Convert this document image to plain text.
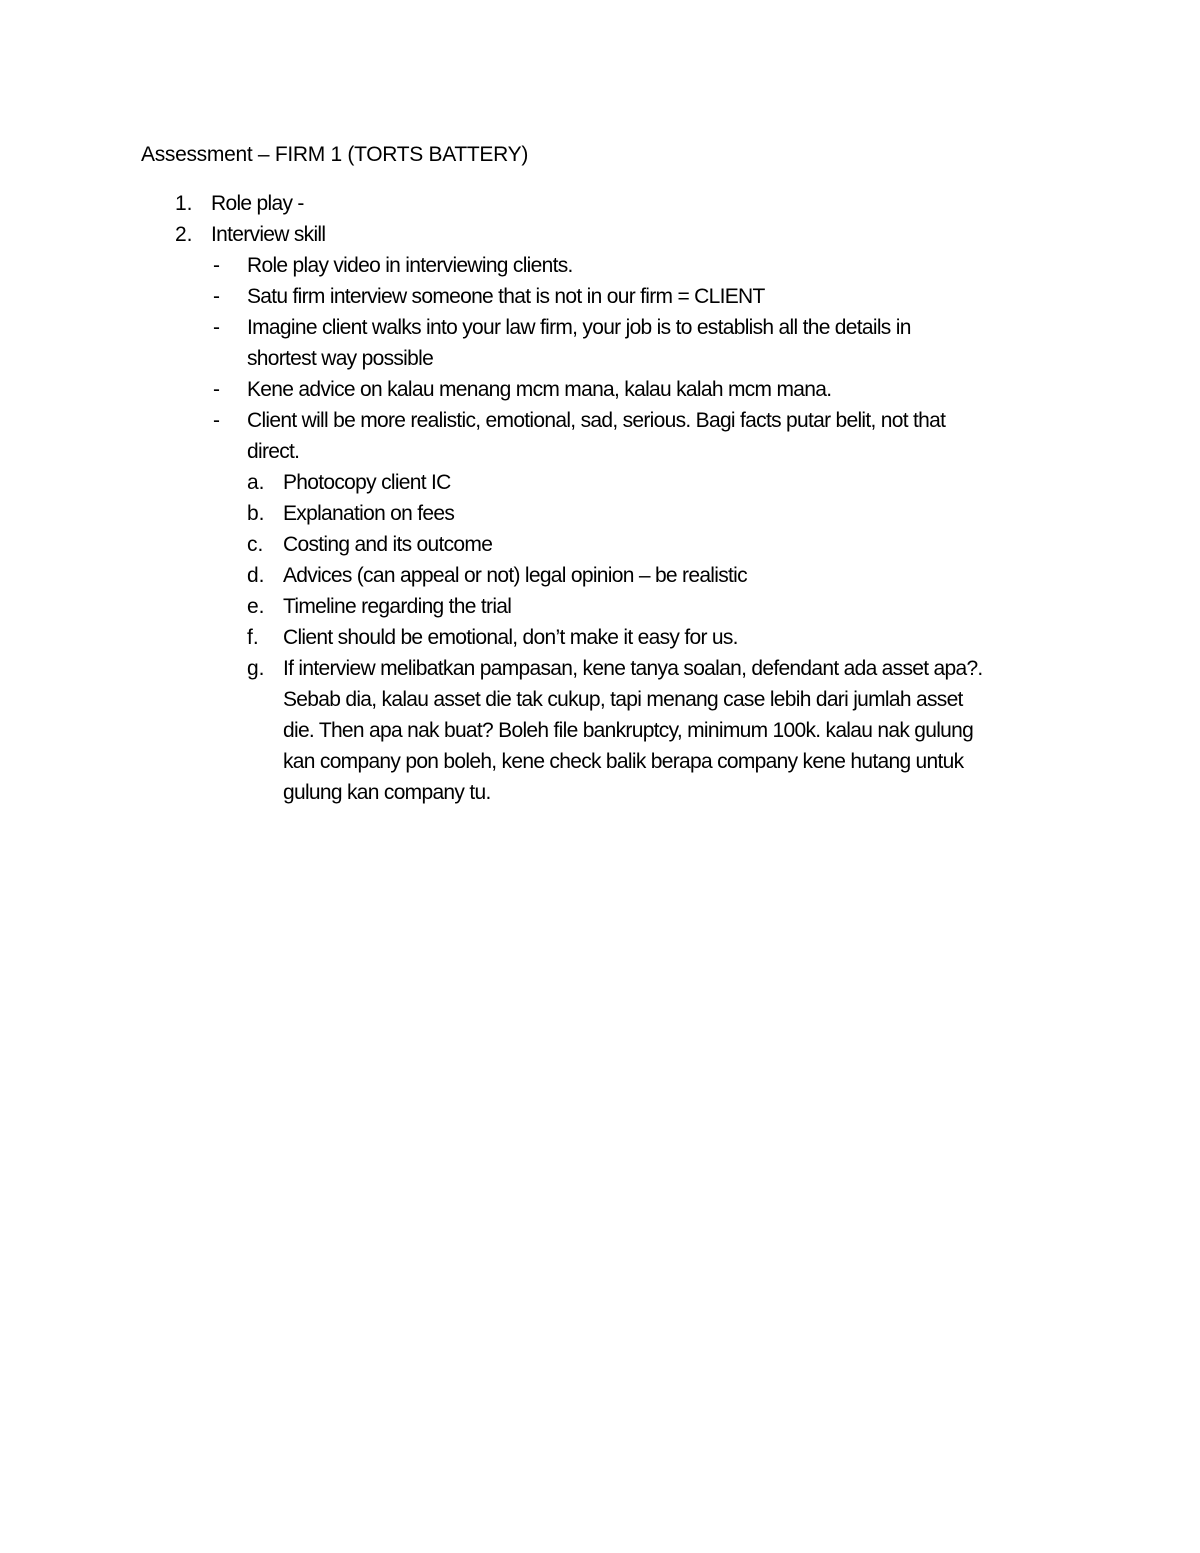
Assessment – FIRM 1 (TORTS BATTERY)
1. Role play -
2. Interview skill
- Role play video in interviewing clients.
- Satu firm interview someone that is not in our firm = CLIENT
- Imagine client walks into your law firm, your job is to establish all the details in
shortest way possible
- Kene advice on kalau menang mcm mana, kalau kalah mcm mana.
- Client will be more realistic, emotional, sad, serious. Bagi facts putar belit, not that
direct.
a. Photocopy client IC
b. Explanation on fees
c. Costing and its outcome
d. Advices (can appeal or not) legal opinion – be realistic
e. Timeline regarding the trial
f. Client should be emotional, don’t make it easy for us.
g. If interview melibatkan pampasan, kene tanya soalan, defendant ada asset apa?.
Sebab dia, kalau asset die tak cukup, tapi menang case lebih dari jumlah asset
die. Then apa nak buat? Boleh file bankruptcy, minimum 100k. kalau nak gulung
kan company pon boleh, kene check balik berapa company kene hutang untuk
gulung kan company tu.
